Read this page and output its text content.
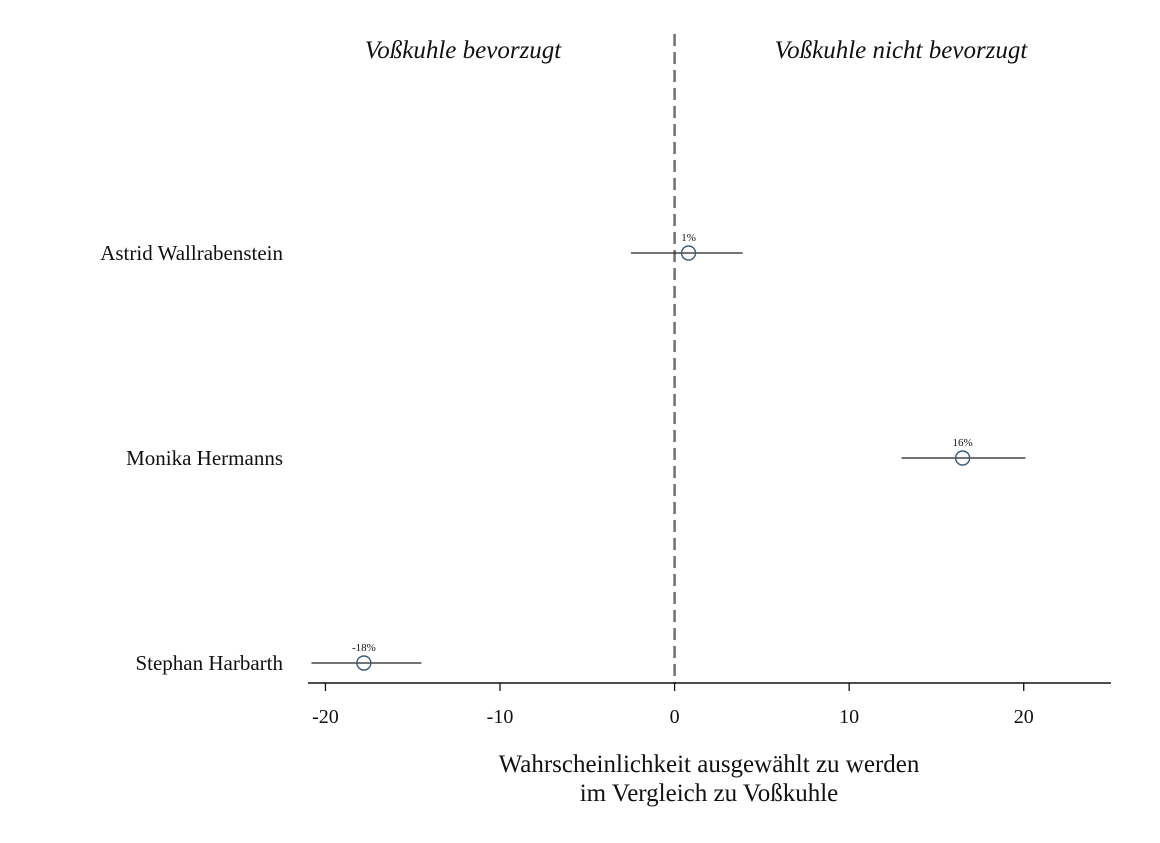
Voßkuhle bevorzugt	Voßkuhle nicht bevorzugt
Astrid Wallrabenstein
1%
Monika Hermanns
16%
Stephan Harbarth
-18%
-20	-10	0	10	20
Wahrscheinlichkeit ausgewählt zu werden
im Vergleich zu Voßkuhle
